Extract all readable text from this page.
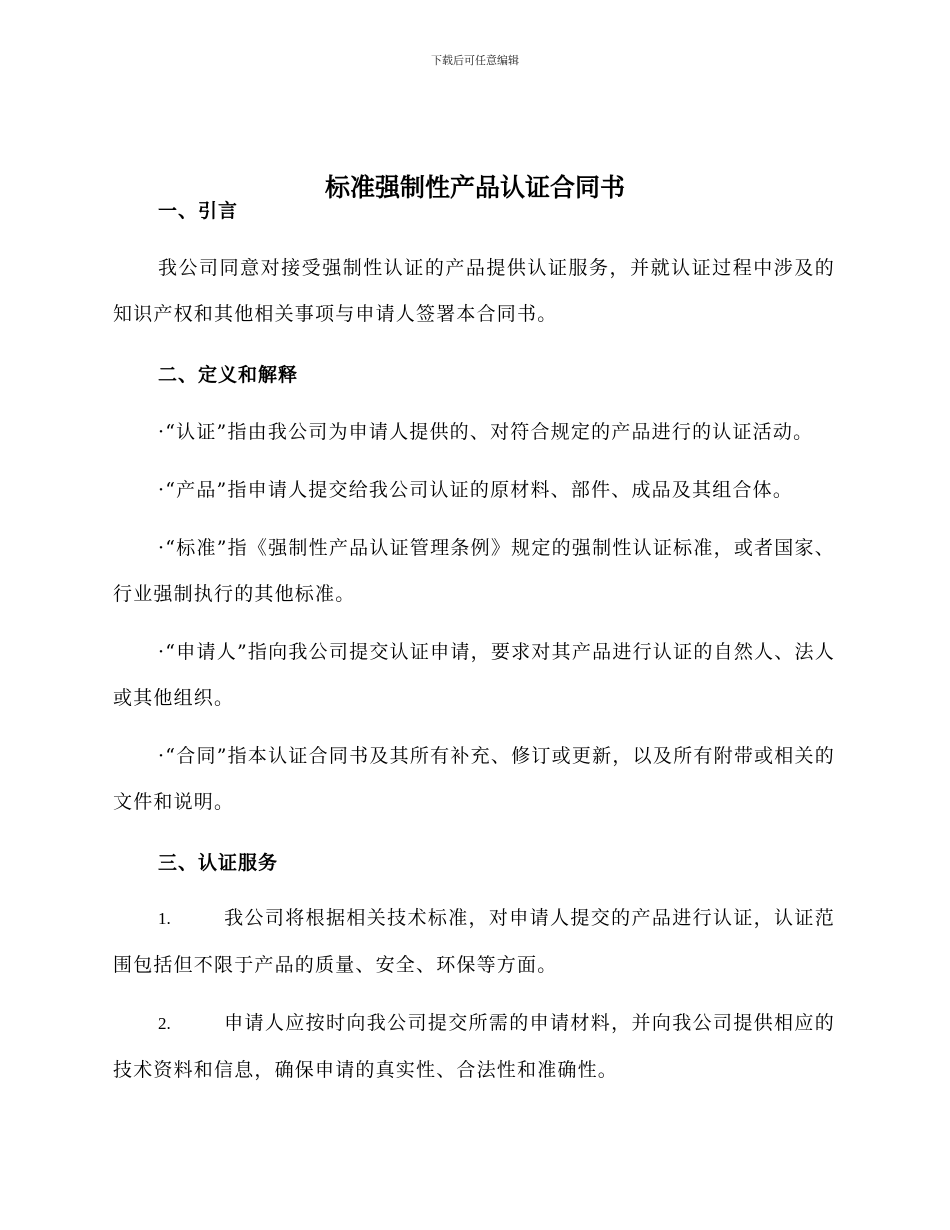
下载后可任意编辑
标准强制性产品认证合同书
一、引言

我公司同意对接受强制性认证的产品提供认证服务，并就认证过程中涉及的知识产权和其他相关事项与申请人签署本合同书。

二、定义和解释

·“认证”指由我公司为申请人提供的、对符合规定的产品进行的认证活动。

·“产品”指申请人提交给我公司认证的原材料、部件、成品及其组合体。

·“标准”指《强制性产品认证管理条例》规定的强制性认证标准，或者国家、行业强制执行的其他标准。

·“申请人”指向我公司提交认证申请，要求对其产品进行认证的自然人、法人或其他组织。

·“合同”指本认证合同书及其所有补充、修订或更新，以及所有附带或相关的文件和说明。

三、认证服务

1.	我公司将根据相关技术标准，对申请人提交的产品进行认证，认证范围包括但不限于产品的质量、安全、环保等方面。

2.	申请人应按时向我公司提交所需的申请材料，并向我公司提供相应的技术资料和信息，确保申请的真实性、合法性和准确性。
